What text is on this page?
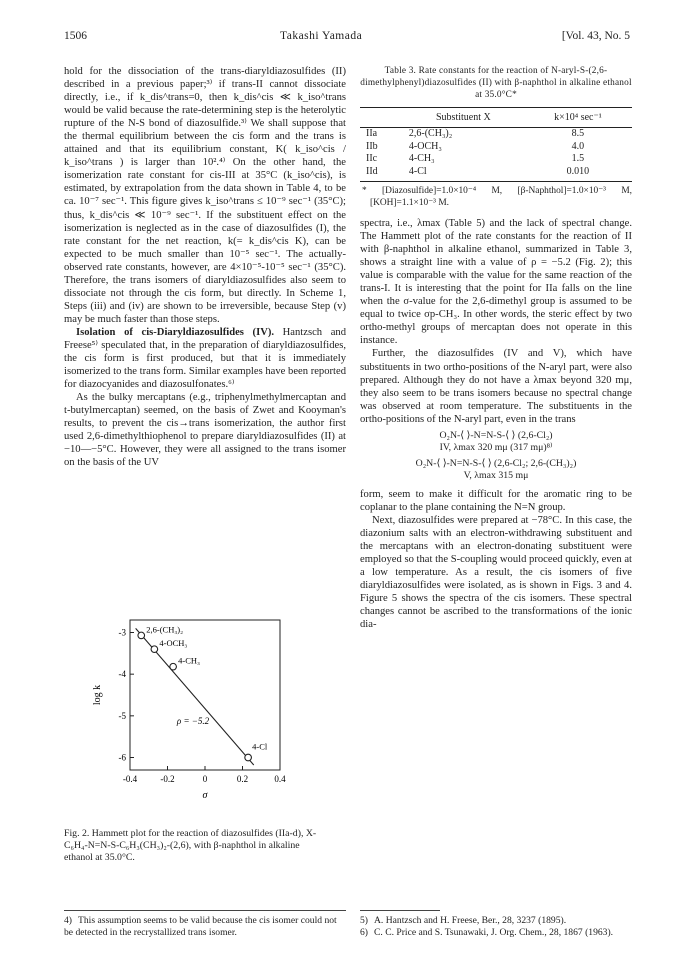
1506	Takashi Yamada	[Vol. 43, No. 5

hold for the dissociation of the trans-diaryldiazosulfides (II) described in a previous paper;³⁾ if trans-II cannot dissociate directly, i.e., if k_dis^trans=0, then k_dis^cis ≪ k_iso^trans would be valid because the rate-determining step is the heterolytic rupture of the N-S bond of diazosulfide.³⁾ We shall suppose that the thermal equilibrium between the cis form and the trans is attained and that its equilibrium constant, K( k_iso^cis / k_iso^trans ) is larger than 10².⁴⁾ On the other hand, the isomerization rate constant for cis-III at 35°C (k_iso^cis), is estimated, by extrapolation from the data shown in Table 4, to be ca. 10⁻⁷ sec⁻¹. This figure gives k_iso^trans ≤ 10⁻⁹ sec⁻¹ (35°C); thus, k_dis^cis ≪ 10⁻⁹ sec⁻¹. If the substituent effect on the isomerization is neglected as in the case of diazosulfides (I), the rate constant for the net reaction, k(= k_dis^cis K), can be expected to be much smaller than 10⁻⁵ sec⁻¹. The actually-observed rate constants, however, are 4×10⁻⁵-10⁻⁵ sec⁻¹ (35°C). Therefore, the trans isomers of diaryldiazosulfides also seem to dissociate not through the cis form, but directly. In Scheme 1, Steps (iii) and (iv) are shown to be irreversible, because Step (v) may be much faster than those steps.

Isolation of cis-Diaryldiazosulfides (IV). Hantzsch and Freese⁵⁾ speculated that, in the preparation of diaryldiazosulfides, the cis form is first produced, but that it is immediately isomerized to the trans form. Similar examples have been reported for diazocyanides and diazosulfonates.⁶⁾

As the bulky mercaptans (e.g., triphenylmethylmercaptan and t-butylmercaptan) seemed, on the basis of Zwet and Kooyman's results, to prevent the cis→trans isomerization, the author first used 2,6-dimethylthiophenol to prepare diaryldiazosulfides (II) at −10—−5°C. However, they were all assigned to the trans isomer on the basis of the UV

-0.4	-0.2	0	0.2	0.4
-3
-4
-5
-6
σ
log k
2,6-(CH₃)₂
4-OCH₃
4-CH₃
4-Cl
ρ = −5.2
Fig. 2. Hammett plot for the reaction of diazosulfides (IIa-d), X-C₆H₄-N=N-S-C₆H₃(CH₃)₂-(2,6), with β-naphthol in alkaline ethanol at 35.0°C.
Table 3. Rate constants for the reaction of N-aryl-S-(2,6-dimethylphenyl)diazosulfides (II) with β-naphthol in alkaline ethanol at 35.0°C*
	Substituent X	k×10⁴ sec⁻¹
IIa	2,6-(CH₃)₂	8.5
IIb	4-OCH₃	4.0
IIc	4-CH₃	1.5
IId	4-Cl	0.010
* [Diazosulfide]=1.0×10⁻⁴ M, [β-Naphthol]=1.0×10⁻³ M, [KOH]=1.1×10⁻³ M.

spectra, i.e., λmax (Table 5) and the lack of spectral change. The Hammett plot of the rate constants for the reaction of II with β-naphthol in alkaline ethanol, summarized in Table 3, shows a straight line with a value of ρ = −5.2 (Fig. 2); this value is comparable with the value for the same reaction of the trans-I. It is interesting that the point for IIa falls on the line when the σ-value for the 2,6-dimethyl group is assumed to be equal to twice σp-CH₃. In other words, the steric effect by two ortho-methyl groups of mercaptan does not operate in this instance.

Further, the diazosulfides (IV and V), which have substituents in two ortho-positions of the N-aryl part, were also prepared. Although they do not have a λmax beyond 320 mμ, they also seem to be trans isomers because no spectral change was observed at room temperature. The substituents in the ortho-positions of the N-aryl part, even in the trans

O₂N-⟨ ⟩-N=N-S-⟨ ⟩ (2,6-Cl₂)
IV, λmax 320 mμ (317 mμ)⁸⁾
O₂N-⟨ ⟩-N=N-S-⟨ ⟩ (2,6-Cl₂; 2,6-(CH₃)₂)
V, λmax 315 mμ

form, seem to make it difficult for the aromatic ring to be coplanar to the plane containing the N=N group.

Next, diazosulfides were prepared at −78°C. In this case, the diazonium salts with an electron-withdrawing substituent and the mercaptans with an electron-donating substituent were employed so that the S-coupling would proceed quickly, even at a low temperature. As a result, the cis isomers of five diaryldiazosulfides were isolated, as is shown in Figs. 3 and 4. Figure 5 shows the spectra of the cis isomers. These spectral changes cannot be ascribed to the transformations of the ionic dia-

4) This assumption seems to be valid because the cis isomer could not be detected in the recrystallized trans isomer.
5) A. Hantzsch and H. Freese, Ber., 28, 3237 (1895).
6) C. C. Price and S. Tsunawaki, J. Org. Chem., 28, 1867 (1963).
